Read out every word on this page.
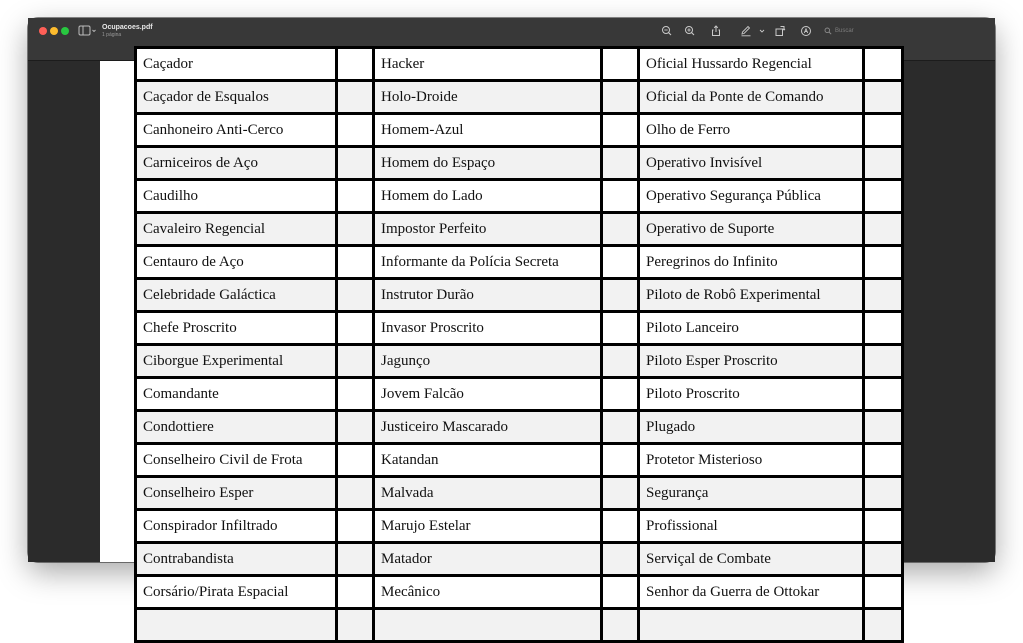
Ocupacoes.pdf
1 página
Buscar
Caçador	Hacker	Oficial Hussardo Regencial
Caçador de Esqualos	Holo-Droide	Oficial da Ponte de Comando
Canhoneiro Anti-Cerco	Homem-Azul	Olho de Ferro
Carniceiros de Aço	Homem do Espaço	Operativo Invisível
Caudilho	Homem do Lado	Operativo Segurança Pública
Cavaleiro Regencial	Impostor Perfeito	Operativo de Suporte
Centauro de Aço	Informante da Polícia Secreta	Peregrinos do Infinito
Celebridade Galáctica	Instrutor Durão	Piloto de Robô Experimental
Chefe Proscrito	Invasor Proscrito	Piloto Lanceiro
Ciborgue Experimental	Jagunço	Piloto Esper Proscrito
Comandante	Jovem Falcão	Piloto Proscrito
Condottiere	Justiceiro Mascarado	Plugado
Conselheiro Civil de Frota	Katandan	Protetor Misterioso
Conselheiro Esper	Malvada	Segurança
Conspirador Infiltrado	Marujo Estelar	Profissional
Contrabandista	Matador	Serviçal de Combate
Corsário/Pirata Espacial	Mecânico	Senhor da Guerra de Ottokar
